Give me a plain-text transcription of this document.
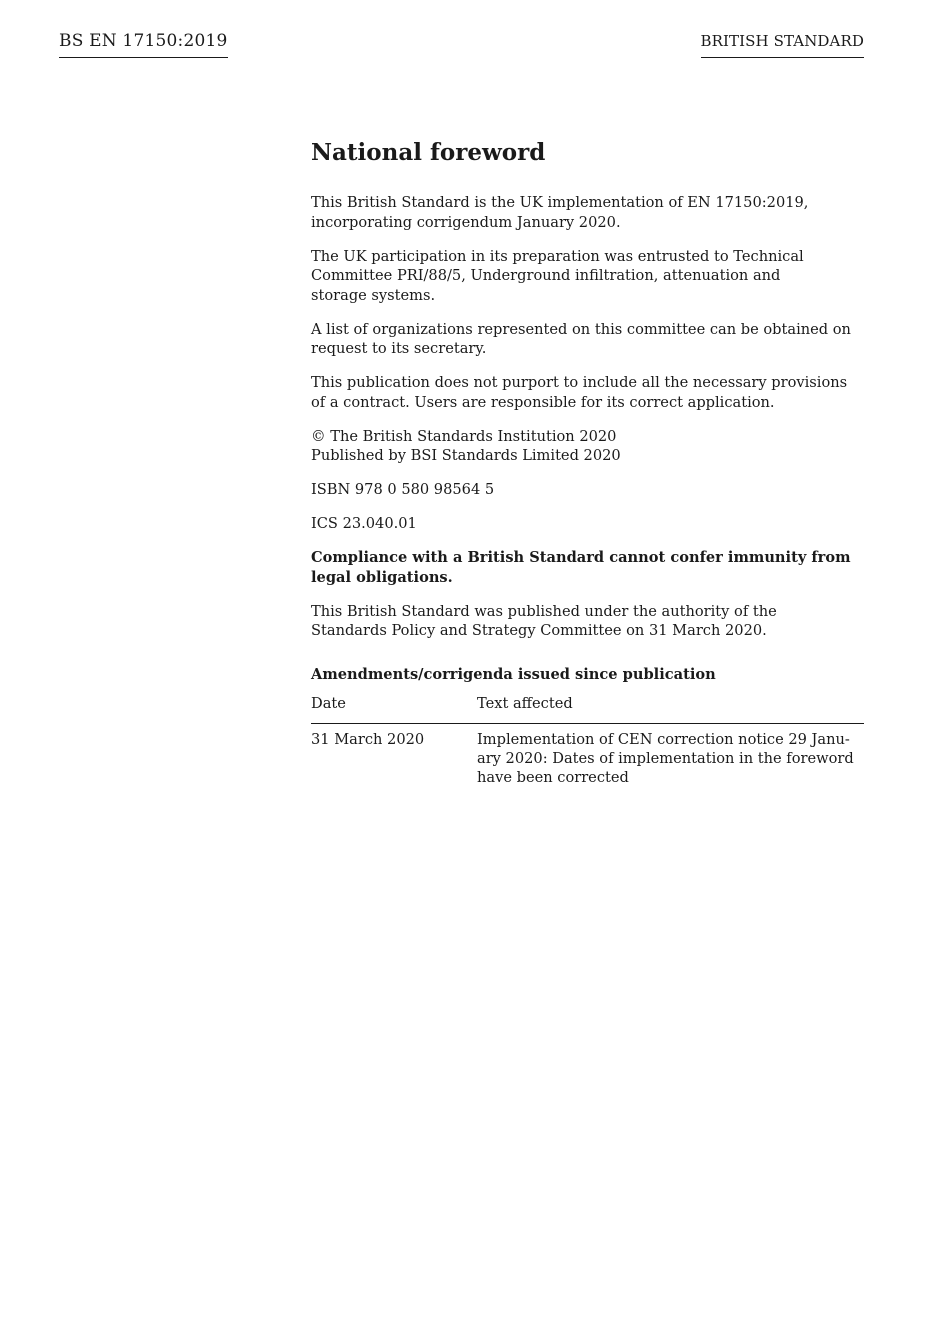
BS EN 17150:2019	BRITISH STANDARD
National foreword
This British Standard is the UK implementation of EN 17150:2019,
incorporating corrigendum January 2020.
The UK participation in its preparation was entrusted to Technical
Committee PRI/88/5, Underground infiltration, attenuation and
storage systems.
A list of organizations represented on this committee can be obtained on
request to its secretary.
This publication does not purport to include all the necessary provisions
of a contract. Users are responsible for its correct application.
© The British Standards Institution 2020
Published by BSI Standards Limited 2020
ISBN 978 0 580 98564 5
ICS 23.040.01
Compliance with a British Standard cannot confer immunity from
legal obligations.
This British Standard was published under the authority of the
Standards Policy and Strategy Committee on 31 March 2020.
Amendments/corrigenda issued since publication
Date	Text affected
31 March 2020	Implementation of CEN correction notice 29 Janu-
ary 2020: Dates of implementation in the foreword
have been corrected
